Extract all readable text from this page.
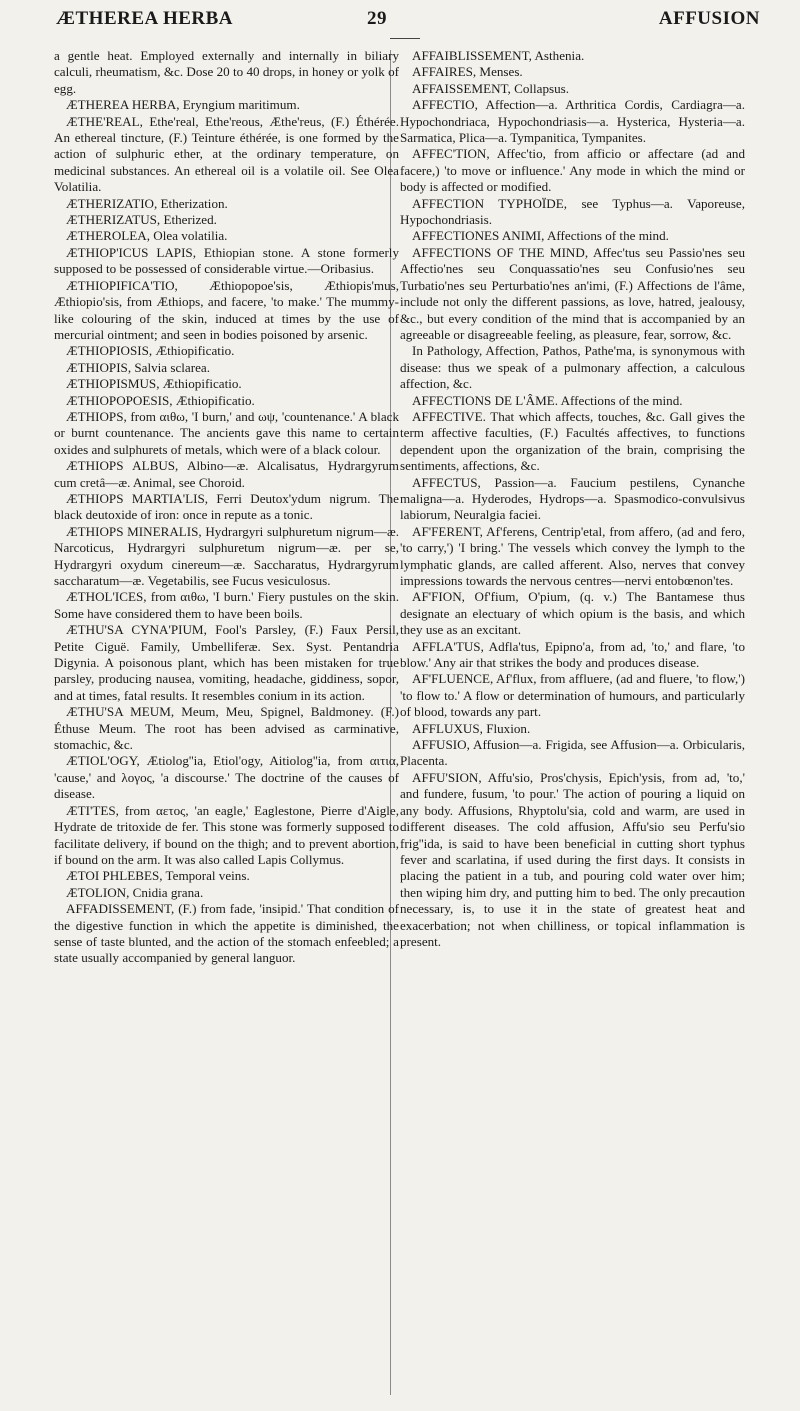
ÆTHEREA HERBA	29	AFFUSION

a gentle heat. Employed externally and internally in biliary calculi, rheumatism, &c. Dose 20 to 40 drops, in honey or yolk of egg.

ÆTHEREA HERBA, Eryngium maritimum.

ÆTHE'REAL, Ethe'real, Ethe'reous, Æthe'reus, (F.) Éthérée. An ethereal tincture, (F.) Teinture éthérée, is one formed by the action of sulphuric ether, at the ordinary temperature, on medicinal substances. An ethereal oil is a volatile oil. See Olea Volatilia.

ÆTHERIZATIO, Etherization.

ÆTHERIZATUS, Etherized.

ÆTHEROLEA, Olea volatilia.

ÆTHIOP'ICUS LAPIS, Ethiopian stone. A stone formerly supposed to be possessed of considerable virtue.—Oribasius.

ÆTHIOPIFICA'TIO, Æthiopopoe'sis, Æthiopis'mus, Æthiopio'sis, from Æthiops, and facere, 'to make.' The mummy-like colouring of the skin, induced at times by the use of mercurial ointment; and seen in bodies poisoned by arsenic.

ÆTHIOPIOSIS, Æthiopificatio.

ÆTHIOPIS, Salvia sclarea.

ÆTHIOPISMUS, Æthiopificatio.

ÆTHIOPOPOESIS, Æthiopificatio.

ÆTHIOPS, from αιθω, 'I burn,' and ωψ, 'countenance.' A black or burnt countenance. The ancients gave this name to certain oxides and sulphurets of metals, which were of a black colour.

ÆTHIOPS ALBUS, Albino—æ. Alcalisatus, Hydrargyrum cum cretâ—æ. Animal, see Choroid.

ÆTHIOPS MARTIA'LIS, Ferri Deutox'ydum nigrum. The black deutoxide of iron: once in repute as a tonic.

ÆTHIOPS MINERALIS, Hydrargyri sulphuretum nigrum—æ. Narcoticus, Hydrargyri sulphuretum nigrum—æ. per se, Hydrargyri oxydum cinereum—æ. Saccharatus, Hydrargyrum saccharatum—æ. Vegetabilis, see Fucus vesiculosus.

ÆTHOL'ICES, from αιθω, 'I burn.' Fiery pustules on the skin. Some have considered them to have been boils.

ÆTHU'SA CYNA'PIUM, Fool's Parsley, (F.) Faux Persil, Petite Ciguë. Family, Umbelliferæ. Sex. Syst. Pentandria Digynia. A poisonous plant, which has been mistaken for true parsley, producing nausea, vomiting, headache, giddiness, sopor, and at times, fatal results. It resembles conium in its action.

ÆTHU'SA MEUM, Meum, Meu, Spignel, Baldmoney. (F.) Éthuse Meum. The root has been advised as carminative, stomachic, &c.

ÆTIOL'OGY, Ætiolog''ia, Etiol'ogy, Aitiolog''ia, from αιτια, 'cause,' and λογος, 'a discourse.' The doctrine of the causes of disease.

ÆTI'TES, from αετος, 'an eagle,' Eaglestone, Pierre d'Aigle, Hydrate de tritoxide de fer. This stone was formerly supposed to facilitate delivery, if bound on the thigh; and to prevent abortion, if bound on the arm. It was also called Lapis Collymus.

ÆTOI PHLEBES, Temporal veins.

ÆTOLION, Cnidia grana.

AFFADISSEMENT, (F.) from fade, 'insipid.' That condition of the digestive function in which the appetite is diminished, the sense of taste blunted, and the action of the stomach enfeebled; a state usually accompanied by general languor.

AFFAIBLISSEMENT, Asthenia.

AFFAIRES, Menses.

AFFAISSEMENT, Collapsus.

AFFECTIO, Affection—a. Arthritica Cordis, Cardiagra—a. Hypochondriaca, Hypochondriasis—a. Hysterica, Hysteria—a. Sarmatica, Plica—a. Tympanitica, Tympanites.

AFFEC'TION, Affec'tio, from afficio or affectare (ad and facere,) 'to move or influence.' Any mode in which the mind or body is affected or modified.

AFFECTION TYPHOÏDE, see Typhus—a. Vaporeuse, Hypochondriasis.

AFFECTIONES ANIMI, Affections of the mind.

AFFECTIONS OF THE MIND, Affec'tus seu Passio'nes seu Affectio'nes seu Conquassatio'nes seu Confusio'nes seu Turbatio'nes seu Perturbatio'nes an'imi, (F.) Affections de l'âme, include not only the different passions, as love, hatred, jealousy, &c., but every condition of the mind that is accompanied by an agreeable or disagreeable feeling, as pleasure, fear, sorrow, &c.

In Pathology, Affection, Pathos, Pathe'ma, is synonymous with disease: thus we speak of a pulmonary affection, a calculous affection, &c.

AFFECTIONS DE L'ÂME. Affections of the mind.

AFFECTIVE. That which affects, touches, &c. Gall gives the term affective faculties, (F.) Facultés affectives, to functions dependent upon the organization of the brain, comprising the sentiments, affections, &c.

AFFECTUS, Passion—a. Faucium pestilens, Cynanche maligna—a. Hyderodes, Hydrops—a. Spasmodico-convulsivus labiorum, Neuralgia faciei.

AF'FERENT, Af'ferens, Centrip'etal, from affero, (ad and fero, 'to carry,') 'I bring.' The vessels which convey the lymph to the lymphatic glands, are called afferent. Also, nerves that convey impressions towards the nervous centres—nervi entobœnon'tes.

AF'FION, Of'fium, O'pium, (q. v.) The Bantamese thus designate an electuary of which opium is the basis, and which they use as an excitant.

AFFLA'TUS, Adfla'tus, Epipno'a, from ad, 'to,' and flare, 'to blow.' Any air that strikes the body and produces disease.

AF'FLUENCE, Af'flux, from affluere, (ad and fluere, 'to flow,') 'to flow to.' A flow or determination of humours, and particularly of blood, towards any part.

AFFLUXUS, Fluxion.

AFFUSIO, Affusion—a. Frigida, see Affusion—a. Orbicularis, Placenta.

AFFU'SION, Affu'sio, Pros'chysis, Epich'ysis, from ad, 'to,' and fundere, fusum, 'to pour.' The action of pouring a liquid on any body. Affusions, Rhyptolu'sia, cold and warm, are used in different diseases. The cold affusion, Affu'sio seu Perfu'sio frig''ida, is said to have been beneficial in cutting short typhus fever and scarlatina, if used during the first days. It consists in placing the patient in a tub, and pouring cold water over him; then wiping him dry, and putting him to bed. The only precaution necessary, is, to use it in the state of greatest heat and exacerbation; not when chilliness, or topical inflammation is present.
